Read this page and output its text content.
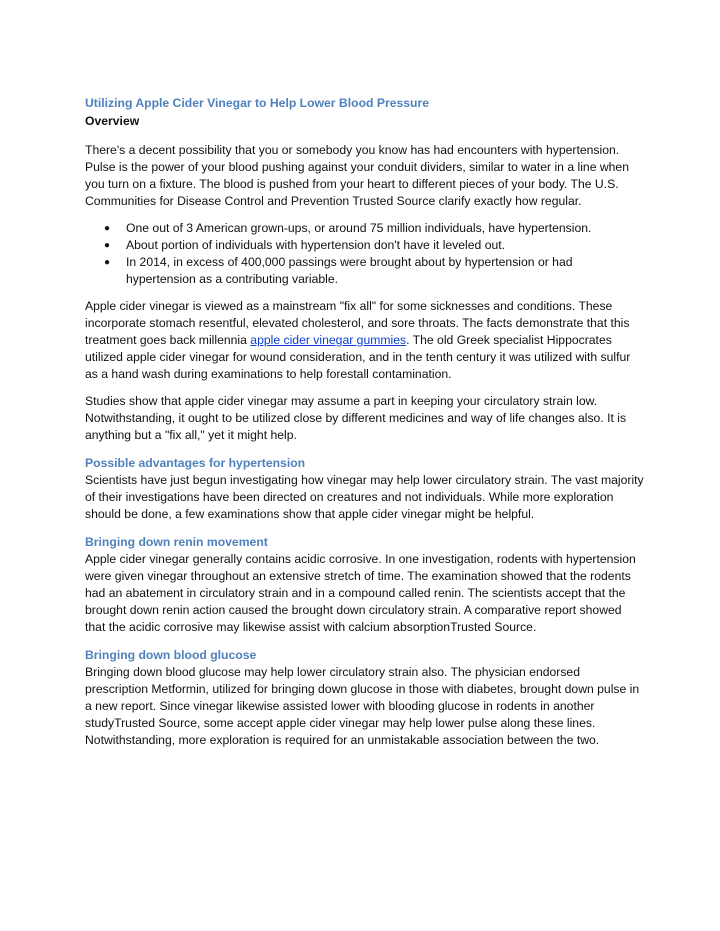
Utilizing Apple Cider Vinegar to Help Lower Blood Pressure
Overview

There's a decent possibility that you or somebody you know has had encounters with hypertension. Pulse is the power of your blood pushing against your conduit dividers, similar to water in a line when you turn on a fixture. The blood is pushed from your heart to different pieces of your body. The U.S. Communities for Disease Control and Prevention Trusted Source clarify exactly how regular.

● One out of 3 American grown-ups, or around 75 million individuals, have hypertension.
● About portion of individuals with hypertension don't have it leveled out.
● In 2014, in excess of 400,000 passings were brought about by hypertension or had hypertension as a contributing variable.

Apple cider vinegar is viewed as a mainstream "fix all" for some sicknesses and conditions. These incorporate stomach resentful, elevated cholesterol, and sore throats. The facts demonstrate that this treatment goes back millennia apple cider vinegar gummies. The old Greek specialist Hippocrates utilized apple cider vinegar for wound consideration, and in the tenth century it was utilized with sulfur as a hand wash during examinations to help forestall contamination.

Studies show that apple cider vinegar may assume a part in keeping your circulatory strain low. Notwithstanding, it ought to be utilized close by different medicines and way of life changes also. It is anything but a "fix all," yet it might help.

Possible advantages for hypertension

Scientists have just begun investigating how vinegar may help lower circulatory strain. The vast majority of their investigations have been directed on creatures and not individuals. While more exploration should be done, a few examinations show that apple cider vinegar might be helpful.

Bringing down renin movement

Apple cider vinegar generally contains acidic corrosive. In one investigation, rodents with hypertension were given vinegar throughout an extensive stretch of time. The examination showed that the rodents had an abatement in circulatory strain and in a compound called renin. The scientists accept that the brought down renin action caused the brought down circulatory strain. A comparative report showed that the acidic corrosive may likewise assist with calcium absorptionTrusted Source.

Bringing down blood glucose

Bringing down blood glucose may help lower circulatory strain also. The physician endorsed prescription Metformin, utilized for bringing down glucose in those with diabetes, brought down pulse in a new report. Since vinegar likewise assisted lower with blooding glucose in rodents in another studyTrusted Source, some accept apple cider vinegar may help lower pulse along these lines. Notwithstanding, more exploration is required for an unmistakable association between the two.
